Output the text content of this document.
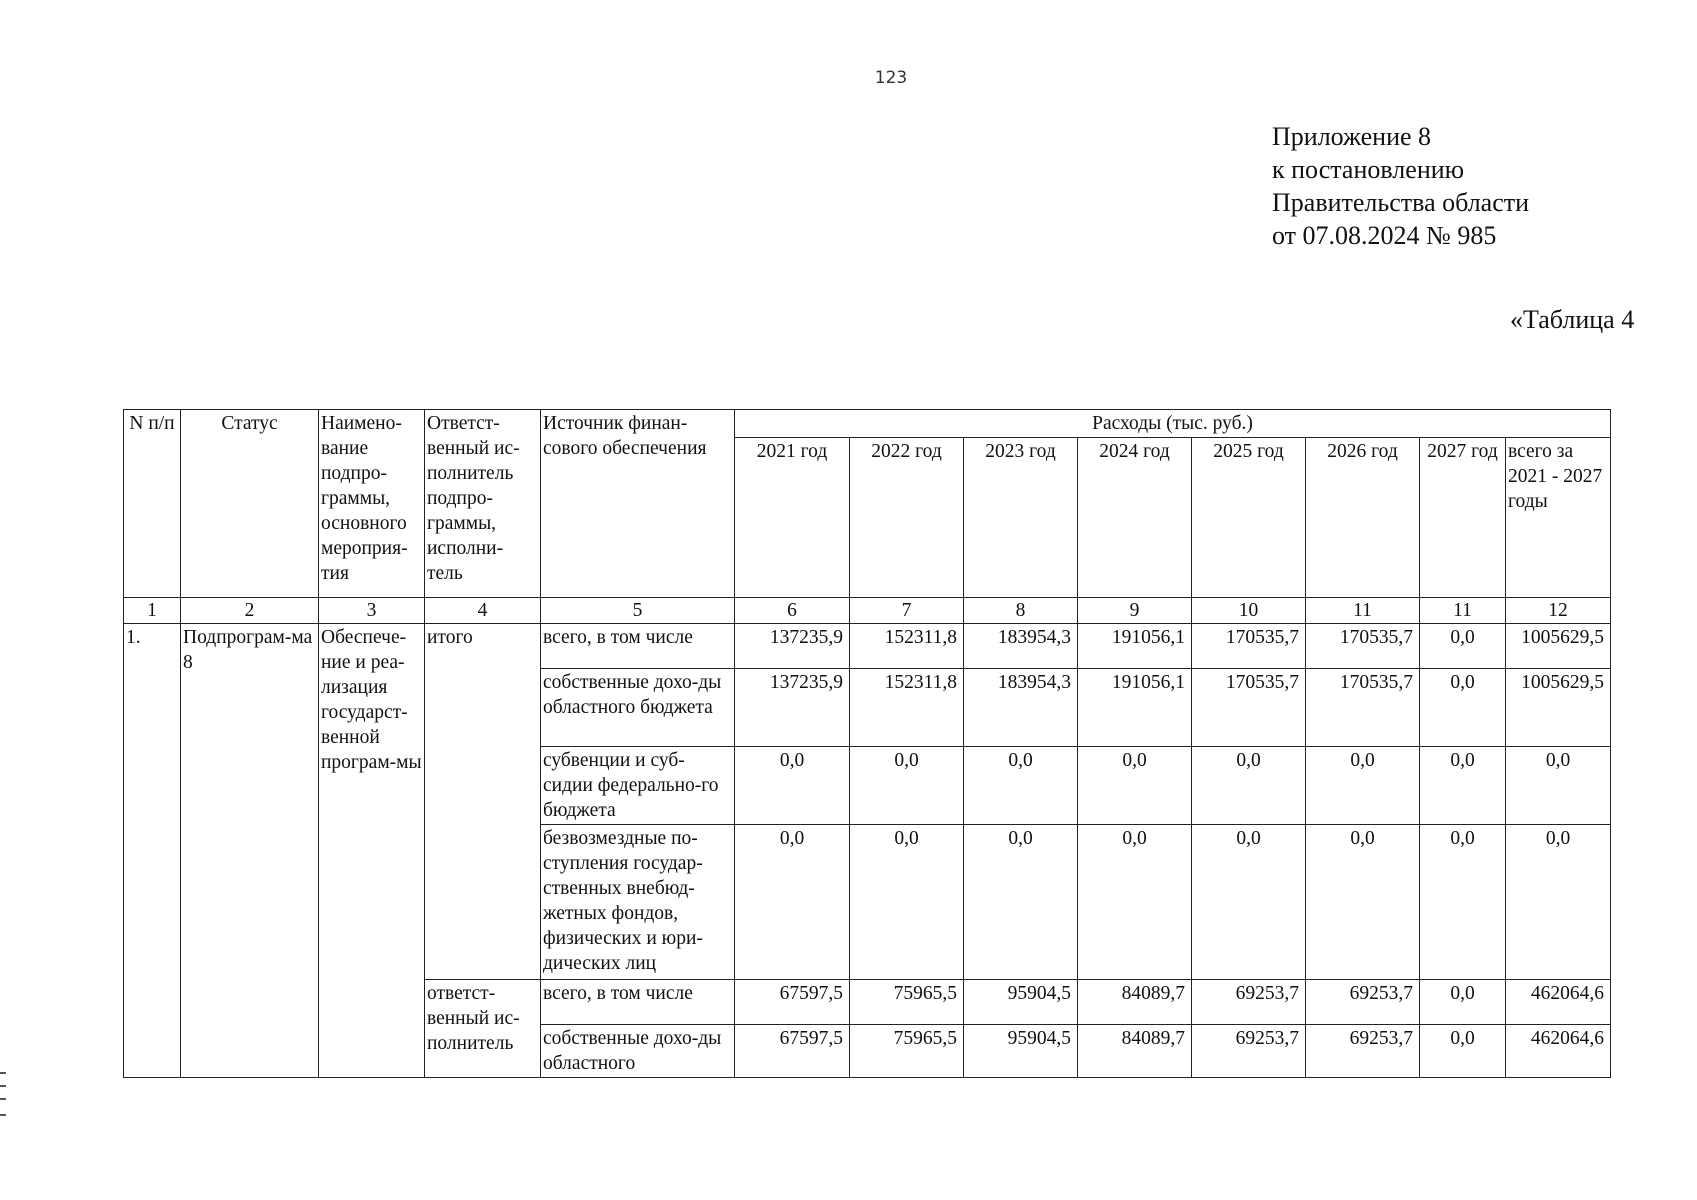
123
Приложение 8
к постановлению
Правительства области
от 07.08.2024 № 985
«Таблица 4
N п/п	Статус	Наимено-вание подпро-граммы, основного мероприя-тия	Ответст-венный ис-полнитель подпро-граммы, исполни-тель	Источник финан-сового обеспечения	Расходы (тыс. руб.)							
					2021 год	2022 год	2023 год	2024 год	2025 год	2026 год	2027 год	всего за 2021 - 2027 годы
1	2	3	4	5	6	7	8	9	10	11	11	12
1.	Подпрограм-ма 8	Обеспече-ние и реа-лизация государст-венной програм-мы	итого	всего, в том числе	137235,9	152311,8	183954,3	191056,1	170535,7	170535,7	0,0	1005629,5
				собственные дохо-ды областного бюджета	137235,9	152311,8	183954,3	191056,1	170535,7	170535,7	0,0	1005629,5
				субвенции и суб-сидии федерально-го бюджета	0,0	0,0	0,0	0,0	0,0	0,0	0,0	0,0
				безвозмездные по-ступления государ-ственных внебюд-жетных фондов, физических и юри-дических лиц	0,0	0,0	0,0	0,0	0,0	0,0	0,0	0,0
			ответст-венный ис-полнитель	всего, в том числе	67597,5	75965,5	95904,5	84089,7	69253,7	69253,7	0,0	462064,6
				собственные дохо-ды областного	67597,5	75965,5	95904,5	84089,7	69253,7	69253,7	0,0	462064,6
